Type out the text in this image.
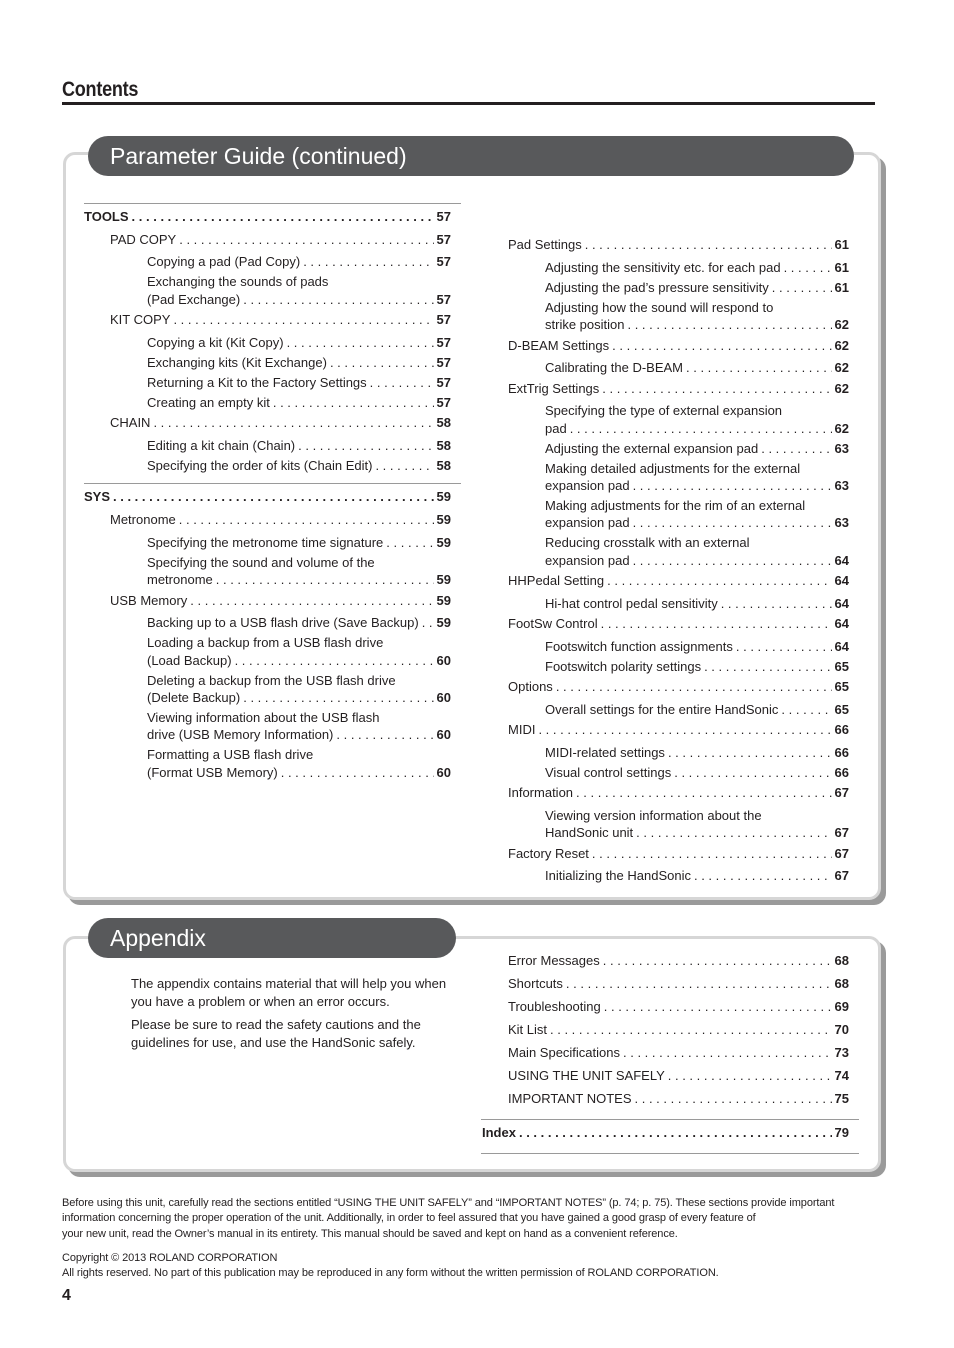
Contents
Parameter Guide (continued)
TOOLS . . .	57
PAD COPY . . .	57
Copying a pad (Pad Copy) . . .	57
Exchanging the sounds of pads
(Pad Exchange) . . .	57
KIT COPY . . .	57
Copying a kit (Kit Copy) . . .	57
Exchanging kits (Kit Exchange) . . .	57
Returning a Kit to the Factory Settings . . .	57
Creating an empty kit . . .	57
CHAIN . . .	58
Editing a kit chain (Chain) . . .	58
Specifying the order of kits (Chain Edit) . . .	58
SYS . . .	59
Metronome . . .	59
Specifying the metronome time signature . . .	59
Specifying the sound and volume of the
metronome . . .	59
USB Memory . . .	59
Backing up to a USB flash drive (Save Backup) . . . 59
Loading a backup from a USB flash drive
(Load Backup) . . .	60
Deleting a backup from the USB flash drive
(Delete Backup) . . .	60
Viewing information about the USB flash
drive (USB Memory Information) . . .	60
Formatting a USB flash drive
(Format USB Memory) . . .	60
Pad Settings . . .	61
Adjusting the sensitivity etc. for each pad . . .	61
Adjusting the pad’s pressure sensitivity . . .	61
Adjusting how the sound will respond to
strike position . . .	62
D-BEAM Settings . . .	62
Calibrating the D-BEAM . . .	62
ExtTrig Settings . . .	62
Specifying the type of external expansion
pad . . .	62
Adjusting the external expansion pad . . .	63
Making detailed adjustments for the external
expansion pad . . .	63
Making adjustments for the rim of an external
expansion pad . . .	63
Reducing crosstalk with an external
expansion pad . . .	64
HHPedal Setting . . .	64
Hi-hat control pedal sensitivity . . .	64
FootSw Control . . .	64
Footswitch function assignments . . .	64
Footswitch polarity settings . . .	65
Options . . .	65
Overall settings for the entire HandSonic . . .	65
MIDI . . .	66
MIDI-related settings . . .	66
Visual control settings . . .	66
Information . . .	67
Viewing version information about the
HandSonic unit . . .	67
Factory Reset . . .	67
Initializing the HandSonic . . .	67
Appendix
The appendix contains material that will help you when you have a problem or when an error occurs.
Please be sure to read the safety cautions and the guidelines for use, and use the HandSonic safely.
Error Messages . . .	68
Shortcuts . . .	68
Troubleshooting . . .	69
Kit List . . .	70
Main Specifications . . .	73
USING THE UNIT SAFELY . . .	74
IMPORTANT NOTES . . .	75
Index . . .	79
Before using this unit, carefully read the sections entitled “USING THE UNIT SAFELY” and “IMPORTANT NOTES” (p. 74; p. 75). These sections provide important
information concerning the proper operation of the unit. Additionally, in order to feel assured that you have gained a good grasp of every feature of
your new unit, read the Owner’s manual in its entirety. This manual should be saved and kept on hand as a convenient reference.
Copyright © 2013 ROLAND CORPORATION
All rights reserved. No part of this publication may be reproduced in any form without the written permission of ROLAND CORPORATION.
4
